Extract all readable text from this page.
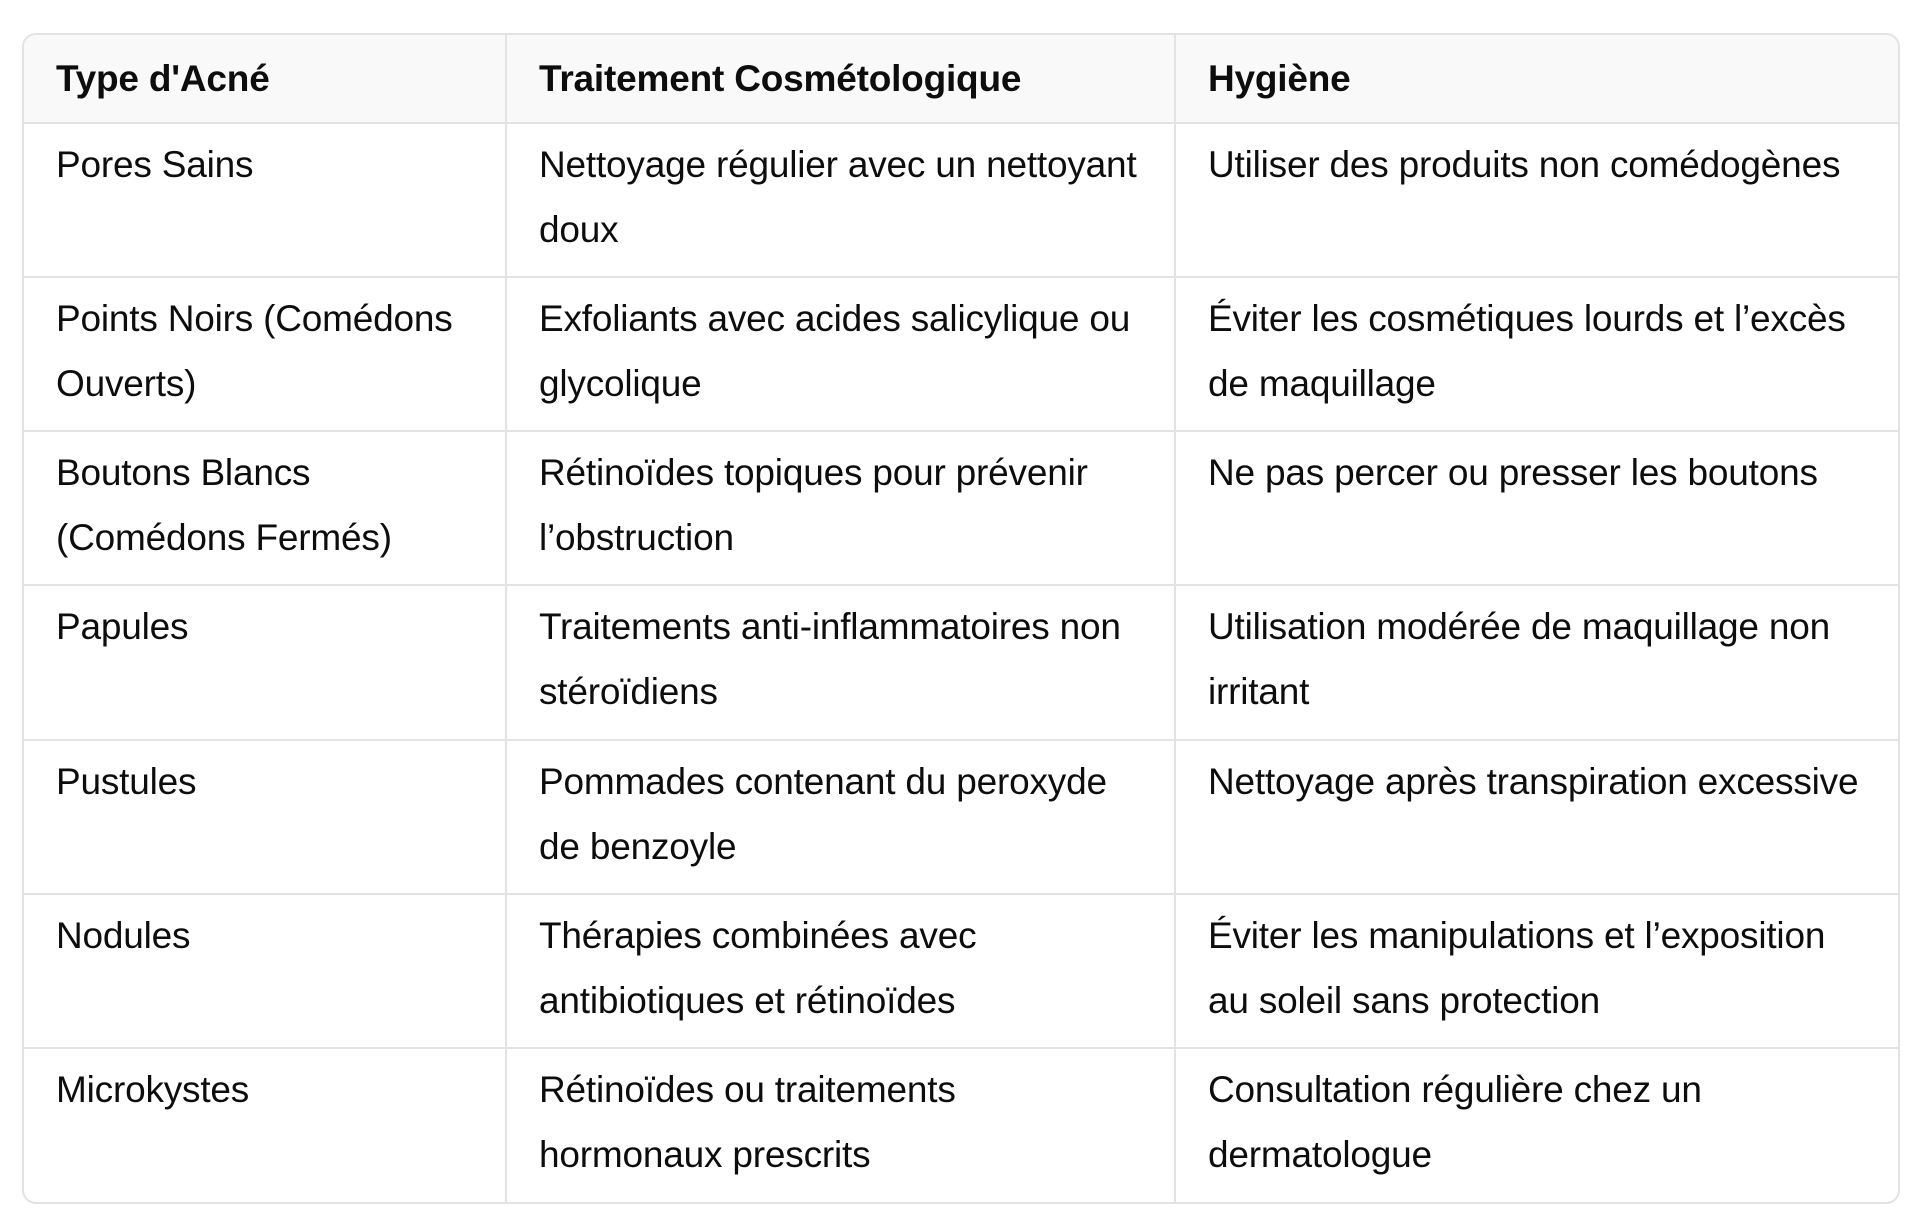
Type d'Acné	Traitement Cosmétologique	Hygiène
Pores Sains	Nettoyage régulier avec un nettoyant doux	Utiliser des produits non comédogènes
Points Noirs (Comédons Ouverts)	Exfoliants avec acides salicylique ou glycolique	Éviter les cosmétiques lourds et l’excès de maquillage
Boutons Blancs (Comédons Fermés)	Rétinoïdes topiques pour prévenir l’obstruction	Ne pas percer ou presser les boutons
Papules	Traitements anti-inflammatoires non stéroïdiens	Utilisation modérée de maquillage non irritant
Pustules	Pommades contenant du peroxyde de benzoyle	Nettoyage après transpiration excessive
Nodules	Thérapies combinées avec antibiotiques et rétinoïdes	Éviter les manipulations et l’exposition au soleil sans protection
Microkystes	Rétinoïdes ou traitements hormonaux prescrits	Consultation régulière chez un dermatologue
